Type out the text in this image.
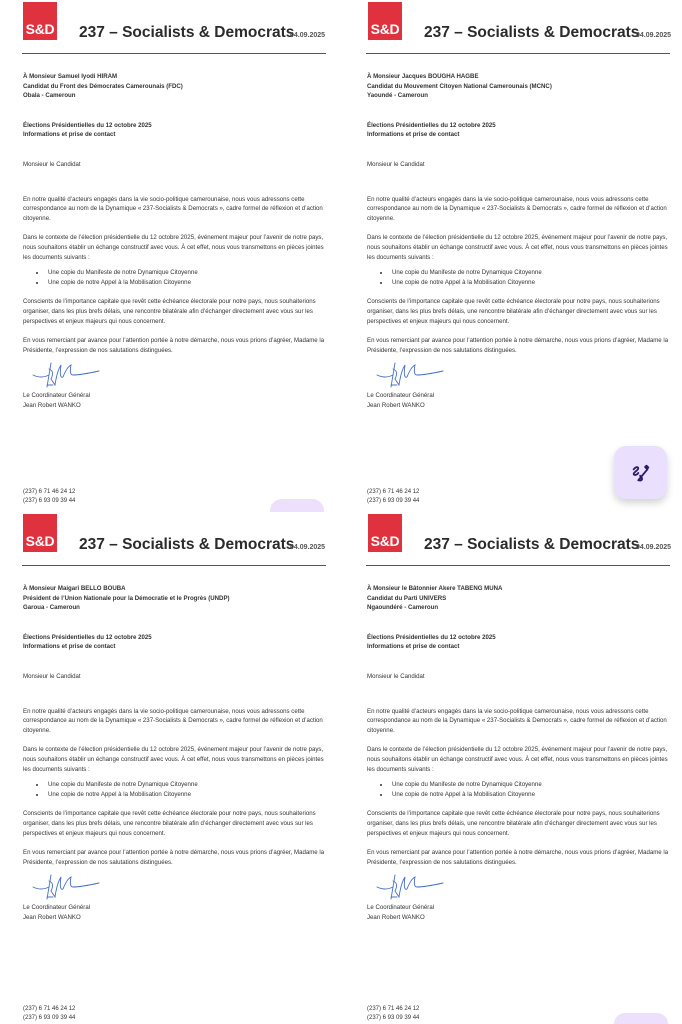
S&D 237 – Socialists & Democrats
04.09.2025
À Monsieur Samuel Iyodi HIRAM
Candidat du Front des Démocrates Camerounais (FDC)
Obala - Cameroun
Élections Présidentielles du 12 octobre 2025
Informations et prise de contact
Monsieur le Candidat
En notre qualité d’acteurs engagés dans la vie socio-politique camerounaise, nous vous adressons cette correspondance au nom de la Dynamique « 237-Socialists & Democrats », cadre formel de réflexion et d’action citoyenne.
Dans le contexte de l’élection présidentielle du 12 octobre 2025, événement majeur pour l’avenir de notre pays, nous souhaitons établir un échange constructif avec vous. À cet effet, nous vous transmettons en pièces jointes les documents suivants :
• Une copie du Manifeste de notre Dynamique Citoyenne
• Une copie de notre Appel à la Mobilisation Citoyenne
Conscients de l’importance capitale que revêt cette échéance électorale pour notre pays, nous souhaiterions organiser, dans les plus brefs délais, une rencontre bilatérale afin d’échanger directement avec vous sur les perspectives et enjeux majeurs qui nous concernent.
En vous remerciant par avance pour l’attention portée à notre démarche, nous vous prions d’agréer, Madame la Présidente, l’expression de nos salutations distinguées.
Le Coordinateur Général
Jean Robert WANKO
(237) 6 71 46 24 12
(237) 6 93 09 39 44
S&D 237 – Socialists & Democrats
04.09.2025
À Monsieur Jacques BOUGHA HAGBE
Candidat du Mouvement Citoyen National Camerounais (MCNC)
Yaoundé - Cameroun
Élections Présidentielles du 12 octobre 2025
Informations et prise de contact
Monsieur le Candidat
En notre qualité d’acteurs engagés dans la vie socio-politique camerounaise, nous vous adressons cette correspondance au nom de la Dynamique « 237-Socialists & Democrats », cadre formel de réflexion et d’action citoyenne.
Dans le contexte de l’élection présidentielle du 12 octobre 2025, événement majeur pour l’avenir de notre pays, nous souhaitons établir un échange constructif avec vous. À cet effet, nous vous transmettons en pièces jointes les documents suivants :
• Une copie du Manifeste de notre Dynamique Citoyenne
• Une copie de notre Appel à la Mobilisation Citoyenne
Conscients de l’importance capitale que revêt cette échéance électorale pour notre pays, nous souhaiterions organiser, dans les plus brefs délais, une rencontre bilatérale afin d’échanger directement avec vous sur les perspectives et enjeux majeurs qui nous concernent.
En vous remerciant par avance pour l’attention portée à notre démarche, nous vous prions d’agréer, Madame la Présidente, l’expression de nos salutations distinguées.
Le Coordinateur Général
Jean Robert WANKO
(237) 6 71 46 24 12
(237) 6 93 09 39 44
S&D 237 – Socialists & Democrats
04.09.2025
À Monsieur Maigari BELLO BOUBA
Président de l’Union Nationale pour la Démocratie et le Progrès (UNDP)
Garoua - Cameroun
Élections Présidentielles du 12 octobre 2025
Informations et prise de contact
Monsieur le Candidat
En notre qualité d’acteurs engagés dans la vie socio-politique camerounaise, nous vous adressons cette correspondance au nom de la Dynamique « 237-Socialists & Democrats », cadre formel de réflexion et d’action citoyenne.
Dans le contexte de l’élection présidentielle du 12 octobre 2025, événement majeur pour l’avenir de notre pays, nous souhaitons établir un échange constructif avec vous. À cet effet, nous vous transmettons en pièces jointes les documents suivants :
• Une copie du Manifeste de notre Dynamique Citoyenne
• Une copie de notre Appel à la Mobilisation Citoyenne
Conscients de l’importance capitale que revêt cette échéance électorale pour notre pays, nous souhaiterions organiser, dans les plus brefs délais, une rencontre bilatérale afin d’échanger directement avec vous sur les perspectives et enjeux majeurs qui nous concernent.
En vous remerciant par avance pour l’attention portée à notre démarche, nous vous prions d’agréer, Madame la Présidente, l’expression de nos salutations distinguées.
Le Coordinateur Général
Jean Robert WANKO
(237) 6 71 46 24 12
(237) 6 93 09 39 44
S&D 237 – Socialists & Democrats
04.09.2025
À Monsieur le Bâtonnier Akere TABENG MUNA
Candidat du Parti UNIVERS
Ngaoundéré - Cameroun
Élections Présidentielles du 12 octobre 2025
Informations et prise de contact
Monsieur le Candidat
En notre qualité d’acteurs engagés dans la vie socio-politique camerounaise, nous vous adressons cette correspondance au nom de la Dynamique « 237-Socialists & Democrats », cadre formel de réflexion et d’action citoyenne.
Dans le contexte de l’élection présidentielle du 12 octobre 2025, événement majeur pour l’avenir de notre pays, nous souhaitons établir un échange constructif avec vous. À cet effet, nous vous transmettons en pièces jointes les documents suivants :
• Une copie du Manifeste de notre Dynamique Citoyenne
• Une copie de notre Appel à la Mobilisation Citoyenne
Conscients de l’importance capitale que revêt cette échéance électorale pour notre pays, nous souhaiterions organiser, dans les plus brefs délais, une rencontre bilatérale afin d’échanger directement avec vous sur les perspectives et enjeux majeurs qui nous concernent.
En vous remerciant par avance pour l’attention portée à notre démarche, nous vous prions d’agréer, Madame la Présidente, l’expression de nos salutations distinguées.
Le Coordinateur Général
Jean Robert WANKO
(237) 6 71 46 24 12
(237) 6 93 09 39 44
